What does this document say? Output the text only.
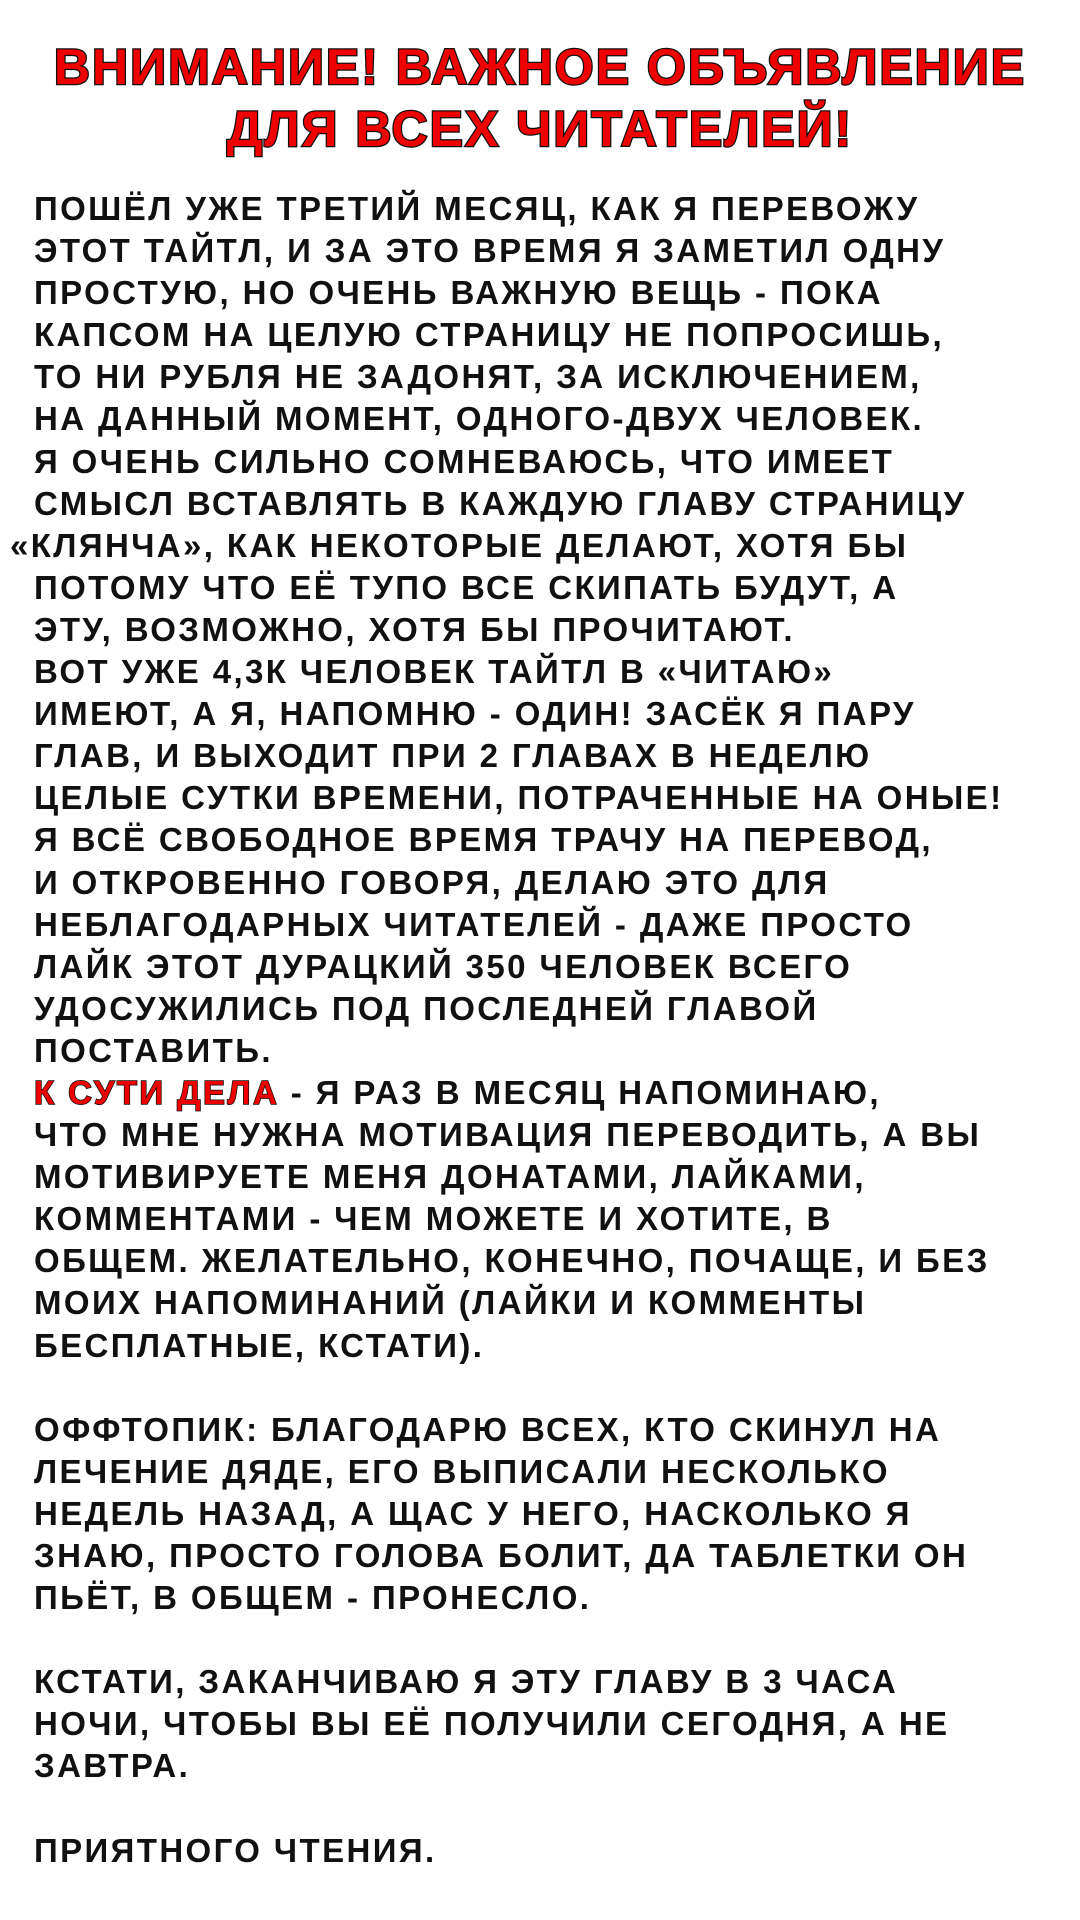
ВНИМАНИЕ! ВАЖНОЕ ОБЪЯВЛЕНИЕ
ДЛЯ ВСЕХ ЧИТАТЕЛЕЙ!
ПОШЁЛ УЖЕ ТРЕТИЙ МЕСЯЦ, КАК Я ПЕРЕВОЖУ
ЭТОТ ТАЙТЛ, И ЗА ЭТО ВРЕМЯ Я ЗАМЕТИЛ ОДНУ
ПРОСТУЮ, НО ОЧЕНЬ ВАЖНУЮ ВЕЩЬ - ПОКА
КАПСОМ НА ЦЕЛУЮ СТРАНИЦУ НЕ ПОПРОСИШЬ,
ТО НИ РУБЛЯ НЕ ЗАДОНЯТ, ЗА ИСКЛЮЧЕНИЕМ,
НА ДАННЫЙ МОМЕНТ, ОДНОГО-ДВУХ ЧЕЛОВЕК.
Я ОЧЕНЬ СИЛЬНО СОМНЕВАЮСЬ, ЧТО ИМЕЕТ
СМЫСЛ ВСТАВЛЯТЬ В КАЖДУЮ ГЛАВУ СТРАНИЦУ
«КЛЯНЧА», КАК НЕКОТОРЫЕ ДЕЛАЮТ, ХОТЯ БЫ
ПОТОМУ ЧТО ЕЁ ТУПО ВСЕ СКИПАТЬ БУДУТ, А
ЭТУ, ВОЗМОЖНО, ХОТЯ БЫ ПРОЧИТАЮТ.
ВОТ УЖЕ 4,3К ЧЕЛОВЕК ТАЙТЛ В «ЧИТАЮ»
ИМЕЮТ, А Я, НАПОМНЮ - ОДИН! ЗАСЁК Я ПАРУ
ГЛАВ, И ВЫХОДИТ ПРИ 2 ГЛАВАХ В НЕДЕЛЮ
ЦЕЛЫЕ СУТКИ ВРЕМЕНИ, ПОТРАЧЕННЫЕ НА ОНЫЕ!
Я ВСЁ СВОБОДНОЕ ВРЕМЯ ТРАЧУ НА ПЕРЕВОД,
И ОТКРОВЕННО ГОВОРЯ, ДЕЛАЮ ЭТО ДЛЯ
НЕБЛАГОДАРНЫХ ЧИТАТЕЛЕЙ - ДАЖЕ ПРОСТО
ЛАЙК ЭТОТ ДУРАЦКИЙ 350 ЧЕЛОВЕК ВСЕГО
УДОСУЖИЛИСЬ ПОД ПОСЛЕДНЕЙ ГЛАВОЙ
ПОСТАВИТЬ.
К СУТИ ДЕЛА - Я РАЗ В МЕСЯЦ НАПОМИНАЮ,
ЧТО МНЕ НУЖНА МОТИВАЦИЯ ПЕРЕВОДИТЬ, А ВЫ
МОТИВИРУЕТЕ МЕНЯ ДОНАТАМИ, ЛАЙКАМИ,
КОММЕНТАМИ - ЧЕМ МОЖЕТЕ И ХОТИТЕ, В
ОБЩЕМ. ЖЕЛАТЕЛЬНО, КОНЕЧНО, ПОЧАЩЕ, И БЕЗ
МОИХ НАПОМИНАНИЙ (ЛАЙКИ И КОММЕНТЫ
БЕСПЛАТНЫЕ, КСТАТИ).
ОФФТОПИК: БЛАГОДАРЮ ВСЕХ, КТО СКИНУЛ НА
ЛЕЧЕНИЕ ДЯДЕ, ЕГО ВЫПИСАЛИ НЕСКОЛЬКО
НЕДЕЛЬ НАЗАД, А ЩАС У НЕГО, НАСКОЛЬКО Я
ЗНАЮ, ПРОСТО ГОЛОВА БОЛИТ, ДА ТАБЛЕТКИ ОН
ПЬЁТ, В ОБЩЕМ - ПРОНЕСЛО.
КСТАТИ, ЗАКАНЧИВАЮ Я ЭТУ ГЛАВУ В 3 ЧАСА
НОЧИ, ЧТОБЫ ВЫ ЕЁ ПОЛУЧИЛИ СЕГОДНЯ, А НЕ
ЗАВТРА.
ПРИЯТНОГО ЧТЕНИЯ.
